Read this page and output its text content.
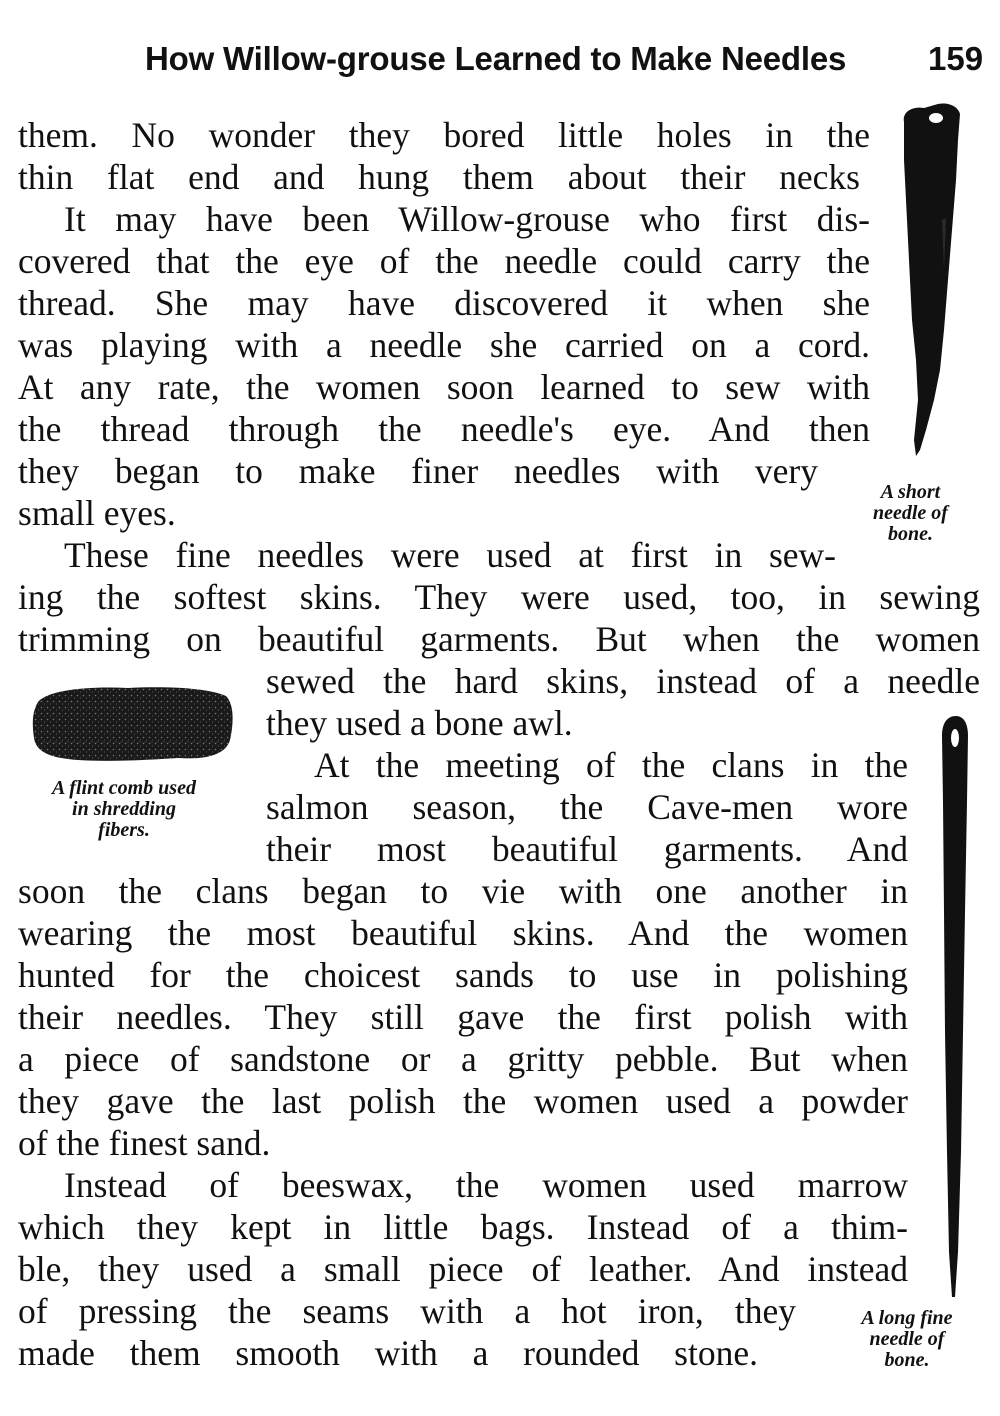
How Willow-grouse Learned to Make Needles 159
them. No wonder they bored little holes in the
thin flat end and hung them about their necks
It may have been Willow-grouse who first dis-
covered that the eye of the needle could carry the
thread. She may have discovered it when she
was playing with a needle she carried on a cord.
At any rate, the women soon learned to sew with
the thread through the needle's eye. And then
they began to make finer needles with very
small eyes.
These fine needles were used at first in sew-
ing the softest skins. They were used, too, in sewing
trimming on beautiful garments. But when the women
sewed the hard skins, instead of a needle
they used a bone awl.
At the meeting of the clans in the
salmon season, the Cave-men wore
their most beautiful garments. And
soon the clans began to vie with one another in
wearing the most beautiful skins. And the women
hunted for the choicest sands to use in polishing
their needles. They still gave the first polish with
a piece of sandstone or a gritty pebble. But when
they gave the last polish the women used a powder
of the finest sand.
Instead of beeswax, the women used marrow
which they kept in little bags. Instead of a thim-
ble, they used a small piece of leather. And instead
of pressing the seams with a hot iron, they
made them smooth with a rounded stone.
A short
needle of
bone.
A flint comb used
in shredding
fibers.
A long fine
needle of
bone.
